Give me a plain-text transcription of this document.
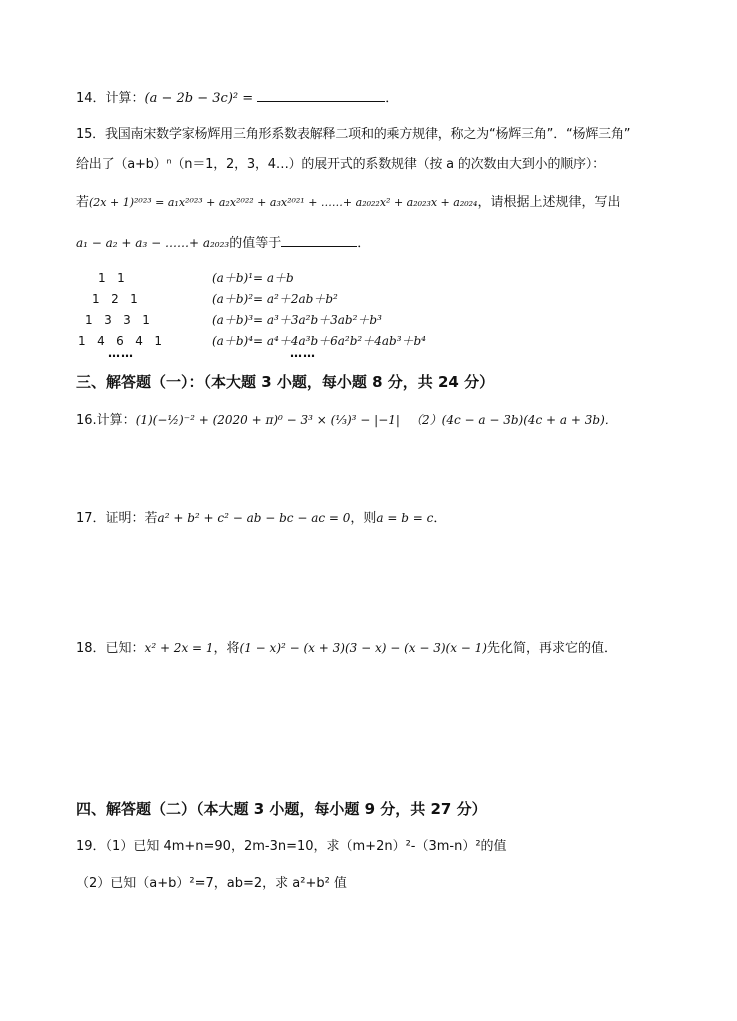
14．计算：(a − 2b − 3c)² =	．
15．我国南宋数学家杨辉用三角形系数表解释二项和的乘方规律，称之为“杨辉三角”．“杨辉三角”
给出了（a+b）ⁿ（n＝1，2，3，4…）的展开式的系数规律（按 a 的次数由大到小的顺序）：
若(2x + 1)²⁰²³ = a₁x²⁰²³ + a₂x²⁰²² + a₃x²⁰²¹ + ……+ a₂₀₂₂x² + a₂₀₂₃x + a₂₀₂₄，请根据上述规律，写出
a₁ − a₂ + a₃ − ……+ a₂₀₂₃的值等于	．
1   1
1   2   1
1   3   3   1
1   4   6   4   1
……
(a＋b)¹= a＋b
(a＋b)²= a²＋2ab＋b²
(a＋b)³= a³＋3a²b＋3ab²＋b³
(a＋b)⁴= a⁴＋4a³b＋6a²b²＋4ab³＋b⁴
……
三、解答题（一）：（本大题 3 小题，每小题 8 分，共 24 分）
16.计算：(1)(−½)⁻² + (2020 + π)⁰ − 3³ × (⅓)³ − |−1| （2）(4c − a − 3b)(4c + a + 3b)．
17．证明：若a² + b² + c² − ab − bc − ac = 0，则a = b = c．
18．已知：x² + 2x = 1，将(1 − x)² − (x + 3)(3 − x) − (x − 3)(x − 1)先化简，再求它的值．
四、解答题（二）（本大题 3 小题，每小题 9 分，共 27 分）
19．（1）已知 4m+n=90，2m-3n=10，求（m+2n）²-（3m-n）²的值
（2）已知（a+b）²=7，ab=2，求 a²+b² 值
